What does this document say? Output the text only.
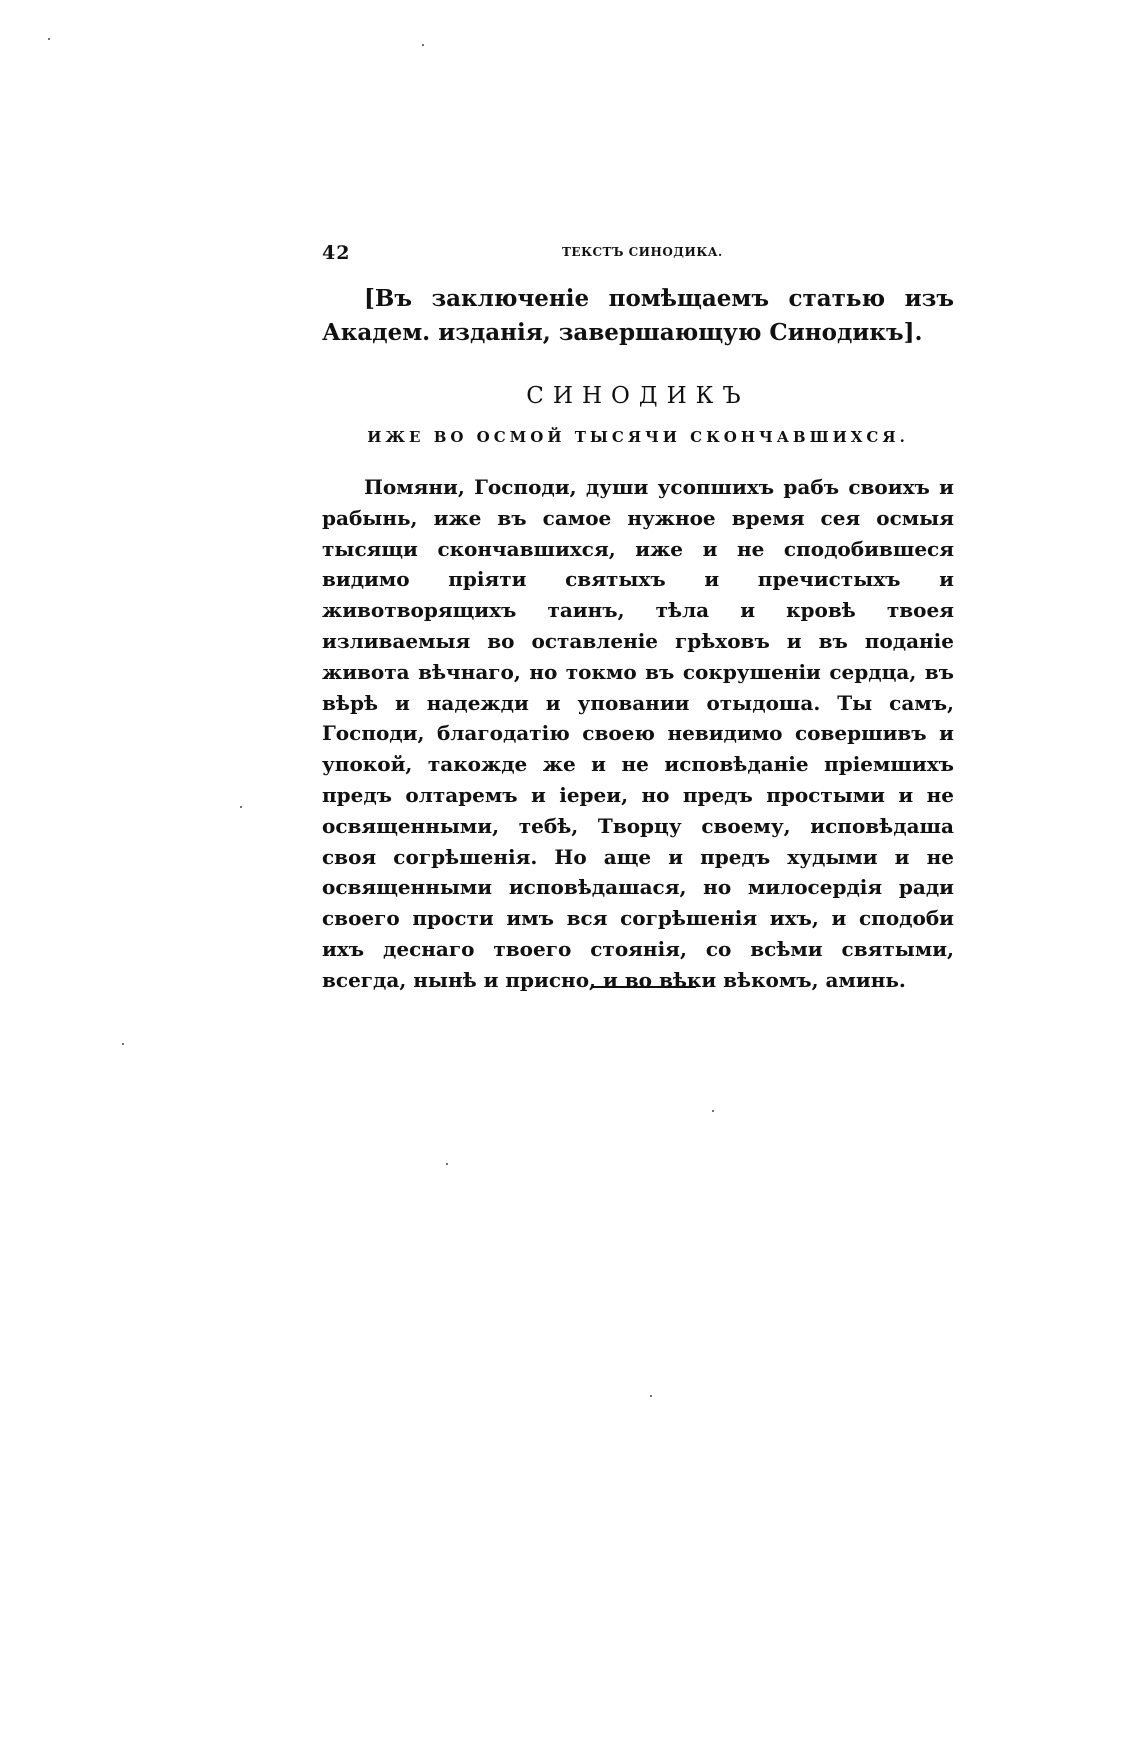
42	ТЕКСТЪ СИНОДИКА.

[Въ заключеніе помѣщаемъ статью изъ Академ. изданія, завершающую Синодикъ].

СИНОДИКЪ
ИЖЕ ВО ОСМОЙ ТЫСЯЧИ СКОНЧАВШИХСЯ.

Помяни, Господи, души усопшихъ рабъ своихъ и рабынь, иже въ самое нужное время сея осмыя тысящи скончавшихся, иже и не сподобившеся видимо пріяти святыхъ и пречистыхъ и животворящихъ таинъ, тѣла и кровѣ твоея изливаемыя во оставленіе грѣховъ и въ поданіе живота вѣчнаго, но токмо въ сокрушеніи сердца, въ вѣрѣ и надежди и уповании отыдоша. Ты самъ, Господи, благодатію своею невидимо совершивъ и упокой, такожде же и не исповѣданіе пріемшихъ предъ олтаремъ и іереи, но предъ простыми и не освященными, тебѣ, Творцу своему, исповѣдаша своя согрѣшенія. Но аще и предъ худыми и не освященными исповѣдашася, но милосердія ради своего прости имъ вся согрѣшенія ихъ, и сподоби ихъ деснаго твоего стоянія, со всѣми святыми, всегда, нынѣ и присно, и во вѣки вѣкомъ, аминь.
